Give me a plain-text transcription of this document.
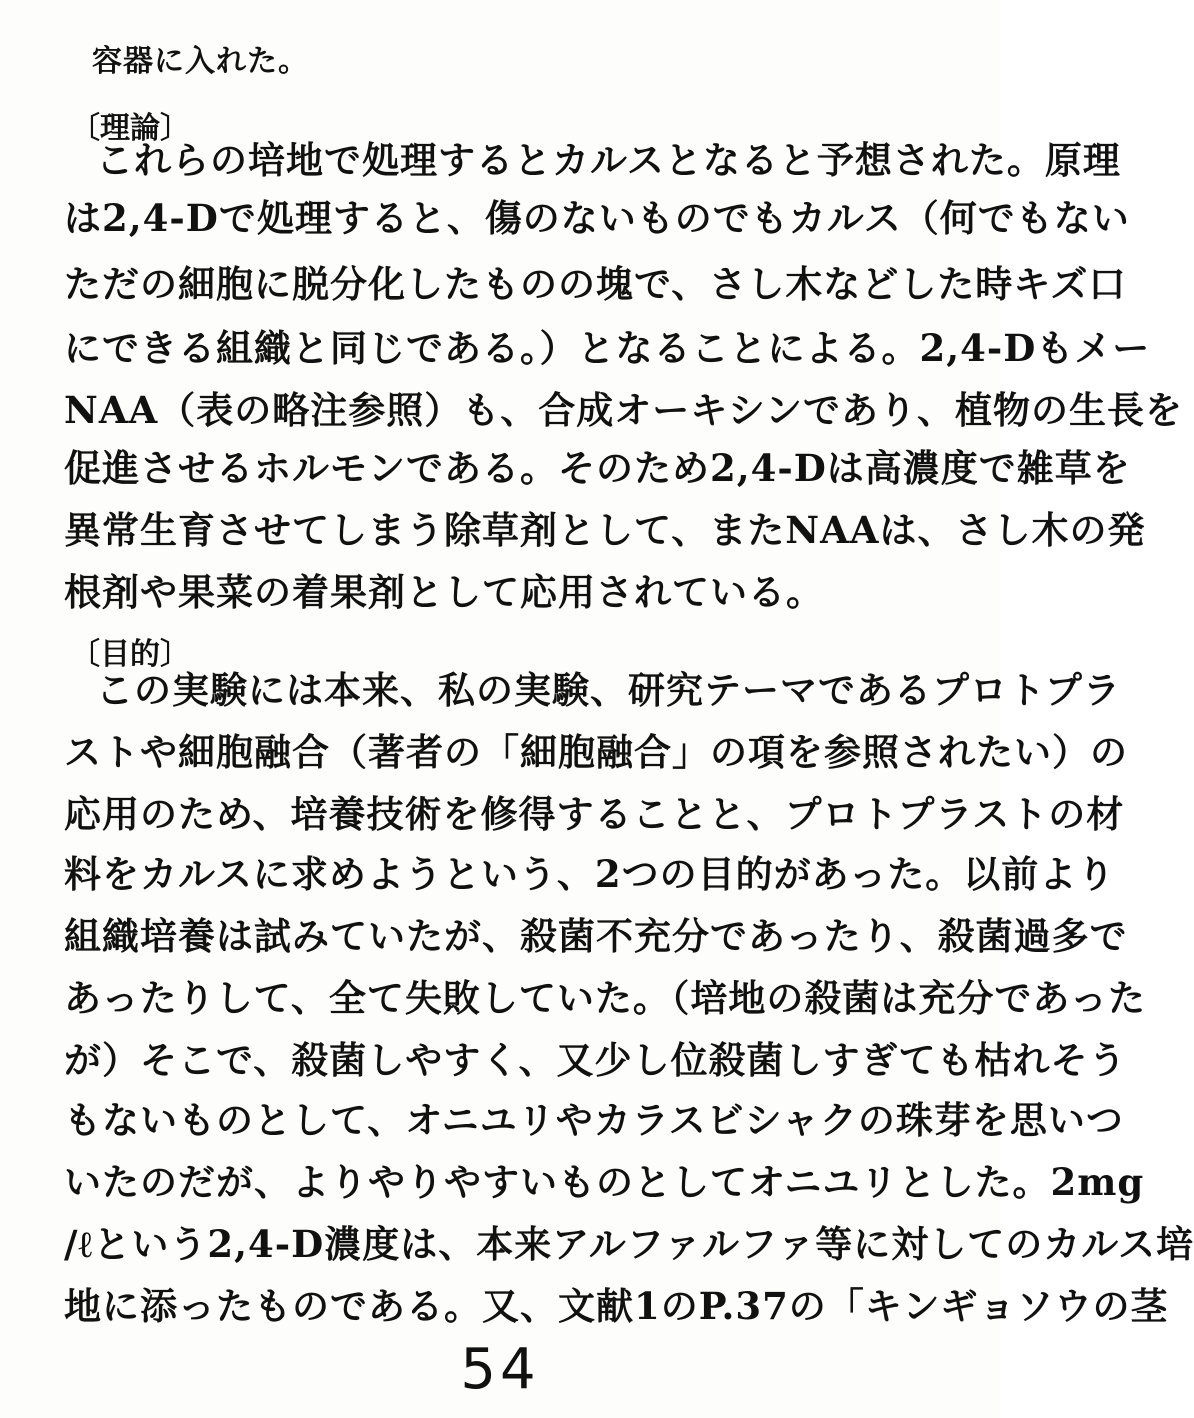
容器に入れた。
〔理論〕
これらの培地で処理するとカルスとなると予想された。原理
は2,4-Dで処理すると、傷のないものでもカルス（何でもない
ただの細胞に脱分化したものの塊で、さし木などした時キズ口
にできる組織と同じである。）となることによる。2,4-Dもメー
NAA（表の略注参照）も、合成オーキシンであり、植物の生長を
促進させるホルモンである。そのため2,4-Dは高濃度で雑草を
異常生育させてしまう除草剤として、またNAAは、さし木の発
根剤や果菜の着果剤として応用されている。
〔目的〕
この実験には本来、私の実験、研究テーマであるプロトプラ
ストや細胞融合（著者の「細胞融合」の項を参照されたい）の
応用のため、培養技術を修得することと、プロトプラストの材
料をカルスに求めようという、2つの目的があった。以前より
組織培養は試みていたが、殺菌不充分であったり、殺菌過多で
あったりして、全て失敗していた。（培地の殺菌は充分であった
が）そこで、殺菌しやすく、又少し位殺菌しすぎても枯れそう
もないものとして、オニユリやカラスビシャクの珠芽を思いつ
いたのだが、よりやりやすいものとしてオニユリとした。2mg
/ℓという2,4-D濃度は、本来アルファルファ等に対してのカルス培
地に添ったものである。又、文献1のP.37の「キンギョソウの茎
54
